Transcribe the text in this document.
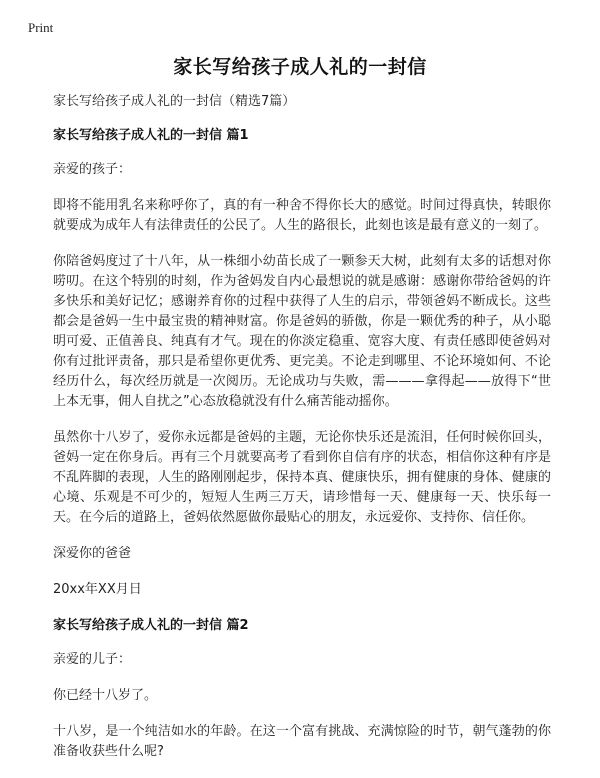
Print
家长写给孩子成人礼的一封信

家长写给孩子成人礼的一封信（精选7篇）

家长写给孩子成人礼的一封信 篇1

亲爱的孩子：

即将不能用乳名来称呼你了，真的有一种舍不得你长大的感觉。时间过得真快，转眼你就要成为成年人有法律责任的公民了。人生的路很长，此刻也该是最有意义的一刻了。

你陪爸妈度过了十八年，从一株细小幼苗长成了一颗参天大树，此刻有太多的话想对你唠叨。在这个特别的时刻，作为爸妈发自内心最想说的就是感谢：感谢你带给爸妈的许多快乐和美好记忆；感谢养育你的过程中获得了人生的启示，带领爸妈不断成长。这些都会是爸妈一生中最宝贵的精神财富。你是爸妈的骄傲，你是一颗优秀的种子，从小聪明可爱、正值善良、纯真有才气。现在的你淡定稳重、宽容大度、有责任感即使爸妈对你有过批评责备，那只是希望你更优秀、更完美。不论走到哪里、不论环境如何、不论经历什么，每次经历就是一次阅历。无论成功与失败，需———拿得起——放得下“世上本无事，佣人自扰之”心态放稳就没有什么痛苦能动摇你。

虽然你十八岁了，爱你永远都是爸妈的主题，无论你快乐还是流泪，任何时候你回头，爸妈一定在你身后。再有三个月就要高考了看到你自信有序的状态，相信你这种有序是不乱阵脚的表现，人生的路刚刚起步，保持本真、健康快乐，拥有健康的身体、健康的心境、乐观是不可少的，短短人生两三万天，请珍惜每一天、健康每一天、快乐每一天。在今后的道路上，爸妈依然愿做你最贴心的朋友，永远爱你、支持你、信任你。

深爱你的爸爸

20xx年XX月日

家长写给孩子成人礼的一封信 篇2

亲爱的儿子：

你已经十八岁了。

十八岁，是一个纯洁如水的年龄。在这一个富有挑战、充满惊险的时节，朝气蓬勃的你准备收获些什么呢?
